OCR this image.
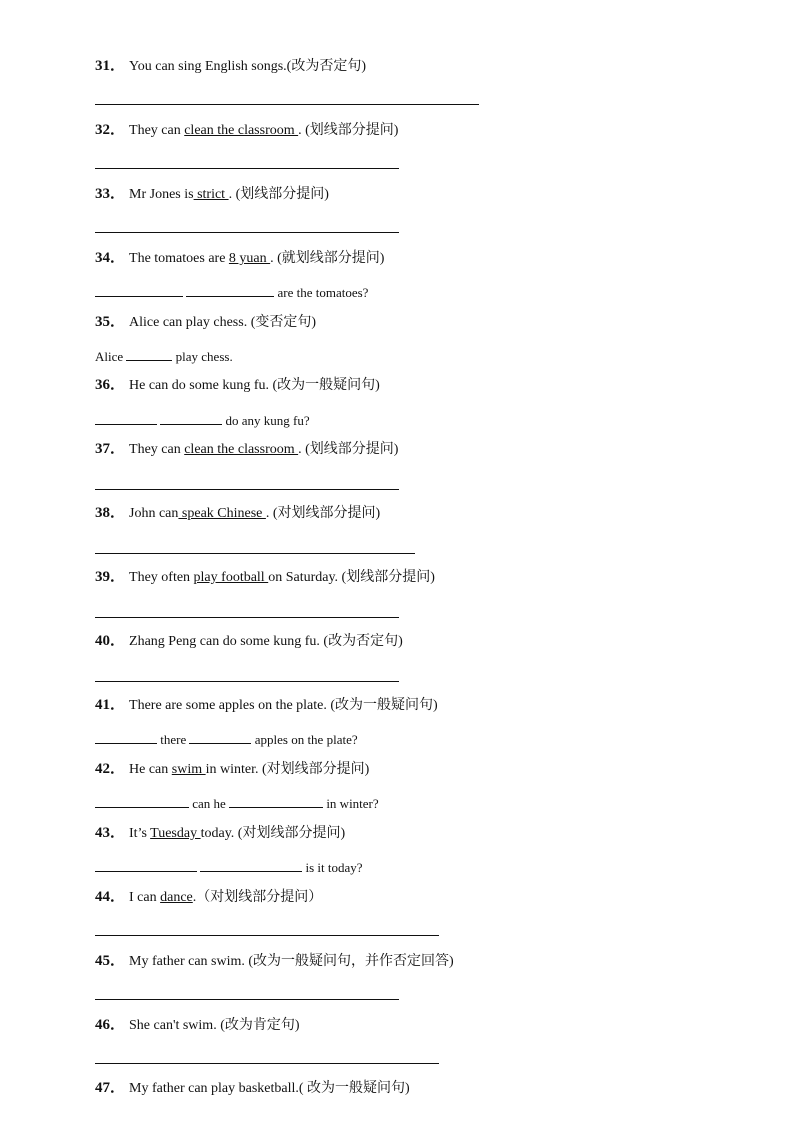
31． You can sing English songs.(改为否定句)
32． They can clean the classroom . (划线部分提问)
33． Mr Jones is strict . (划线部分提问)
34． The tomatoes are 8 yuan . (就划线部分提问)
are the tomatoes?
35． Alice can play chess. (变否定句)
Alice	play chess.
36． He can do some kung fu. (改为一般疑问句)
do any kung fu?
37． They can clean the classroom . (划线部分提问)
38． John can speak Chinese . (对划线部分提问)
39． They often play football on Saturday. (划线部分提问)
40． Zhang Peng can do some kung fu. (改为否定句)
41． There are some apples on the plate. (改为一般疑问句)
there	apples on the plate?
42． He can swim in winter. (对划线部分提问)
can he	in winter?
43． It’s Tuesday today. (对划线部分提问)
is it today?
44． I can dance.（对划线部分提问）
45． My father can swim. (改为一般疑问句，并作否定回答)
46． She can't swim. (改为肯定句)
47． My father can play basketball.( 改为一般疑问句)
